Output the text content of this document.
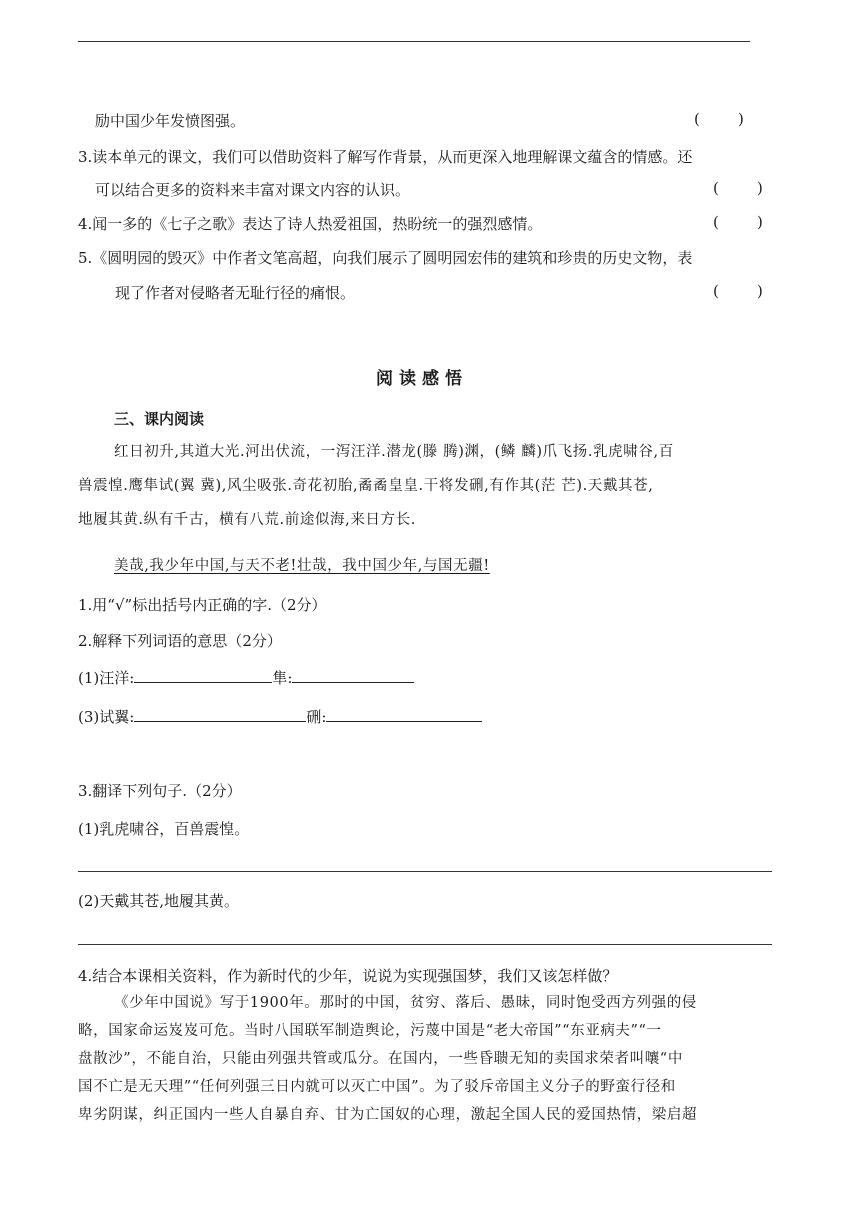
励中国少年发愤图强。	(        )
3.读本单元的课文，我们可以借助资料了解写作背景，从而更深入地理解课文蕴含的情感。还
可以结合更多的资料来丰富对课文内容的认识。	(        )
4.闻一多的《七子之歌》表达了诗人热爱祖国，热盼统一的强烈感情。	(        )
5.《圆明园的毁灭》中作者文笔高超，向我们展示了圆明园宏伟的建筑和珍贵的历史文物，表
现了作者对侵略者无耻行径的痛恨。	(        )
阅读感悟
三、课内阅读
红日初升,其道大光.河出伏流，一泻汪洋.潜龙(滕 腾)渊，(鳞 麟)爪飞扬.乳虎啸谷,百
兽震惶.鹰隼试(翼 冀),风尘吸张.奇花初胎,矞矞皇皇.干将发硎,有作其(茫 芒).天戴其苍,
地履其黄.纵有千古，横有八荒.前途似海,来日方长.
美哉,我少年中国,与天不老!壮哉，我中国少年,与国无疆!
1.用“√”标出括号内正确的字.（2分）
2.解释下列词语的意思（2分）
(1)汪洋:	隼:
(3)试翼:	硎:
3.翻译下列句子.（2分）
(1)乳虎啸谷，百兽震惶。
(2)天戴其苍,地履其黄。
4.结合本课相关资料，作为新时代的少年，说说为实现强国梦，我们又该怎样做？
《少年中国说》写于1900年。那时的中国，贫穷、落后、愚昧，同时饱受西方列强的侵
略，国家命运岌岌可危。当时八国联军制造舆论，污蔑中国是“老大帝国”“东亚病夫”“一
盘散沙”，不能自治，只能由列强共管或瓜分。在国内，一些昏聩无知的卖国求荣者叫嚷“中
国不亡是无天理”“任何列强三日内就可以灭亡中国”。为了驳斥帝国主义分子的野蛮行径和
卑劣阴谋，纠正国内一些人自暴自弃、甘为亡国奴的心理，激起全国人民的爱国热情，梁启超
